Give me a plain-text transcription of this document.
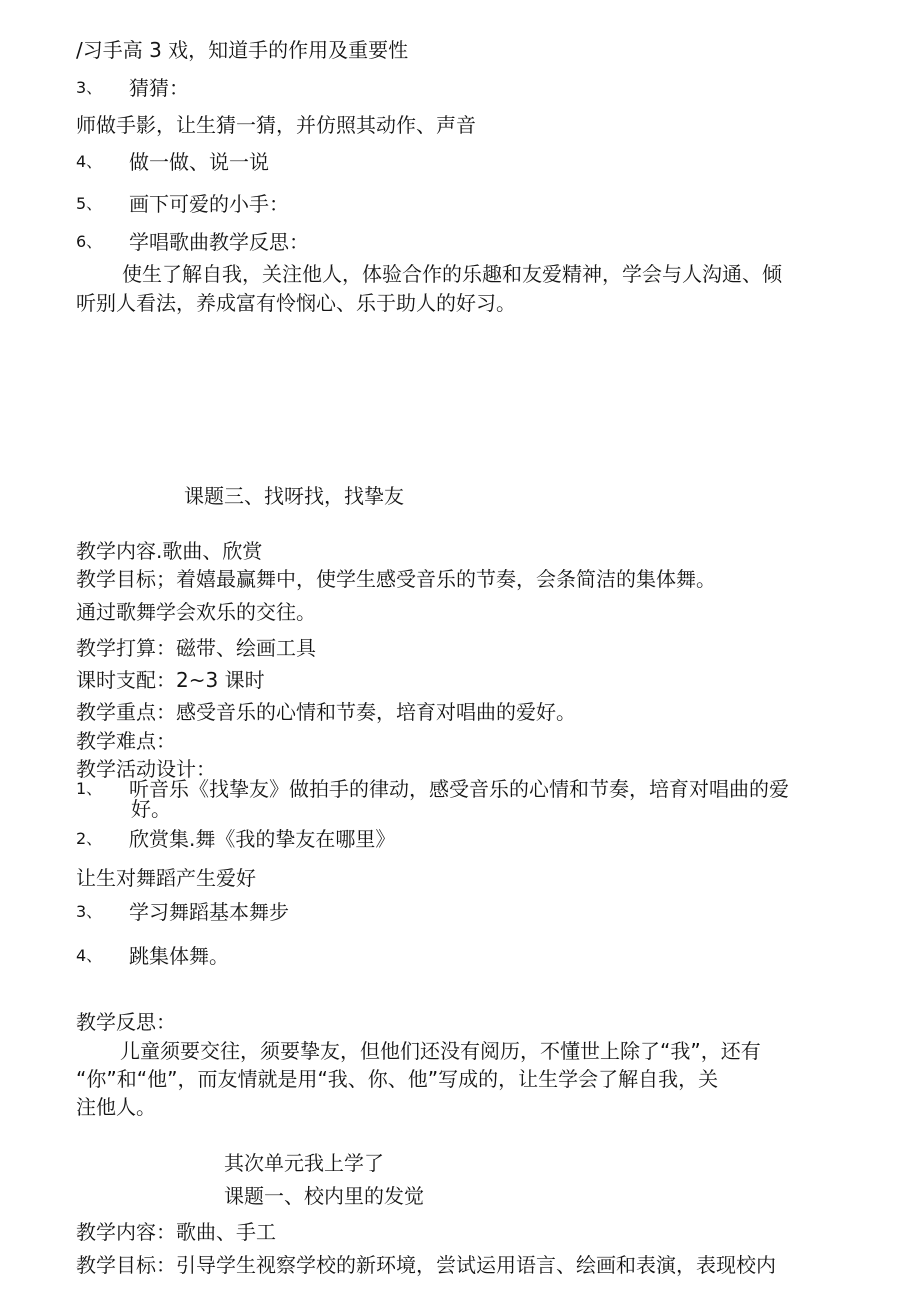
/习手高 3 戏，知道手的作用及重要性
3、 猜猜：
师做手影，让生猜一猜，并仿照其动作、声音
4、 做一做、说一说
5、 画下可爱的小手：
6、 学唱歌曲教学反思：
使生了解自我，关注他人，体验合作的乐趣和友爱精神，学会与人沟通、倾
听别人看法，养成富有怜悯心、乐于助人的好习。
课题三、找呀找，找挚友
教学内容.歌曲、欣赏
教学目标；着嬉最赢舞中，使学生感受音乐的节奏，会条简洁的集体舞。
通过歌舞学会欢乐的交往。
教学打算：磁带、绘画工具
课时支配：2~3 课时
教学重点：感受音乐的心情和节奏，培育对唱曲的爱好。
教学难点：
教学活动设计：
1、 听音乐《找挚友》做拍手的律动，感受音乐的心情和节奏，培育对唱曲的爱
好。
2、 欣赏集.舞《我的挚友在哪里》
让生对舞蹈产生爱好
3、 学习舞蹈基本舞步
4、 跳集体舞。
教学反思：
儿童须要交往，须要挚友，但他们还没有阅历，不懂世上除了“我”，还有
“你”和“他”，而友情就是用“我、你、他”写成的，让生学会了解自我，关
注他人。
其次单元我上学了
课题一、校内里的发觉
教学内容：歌曲、手工
教学目标：引导学生视察学校的新环境，尝试运用语言、绘画和表演，表现校内
